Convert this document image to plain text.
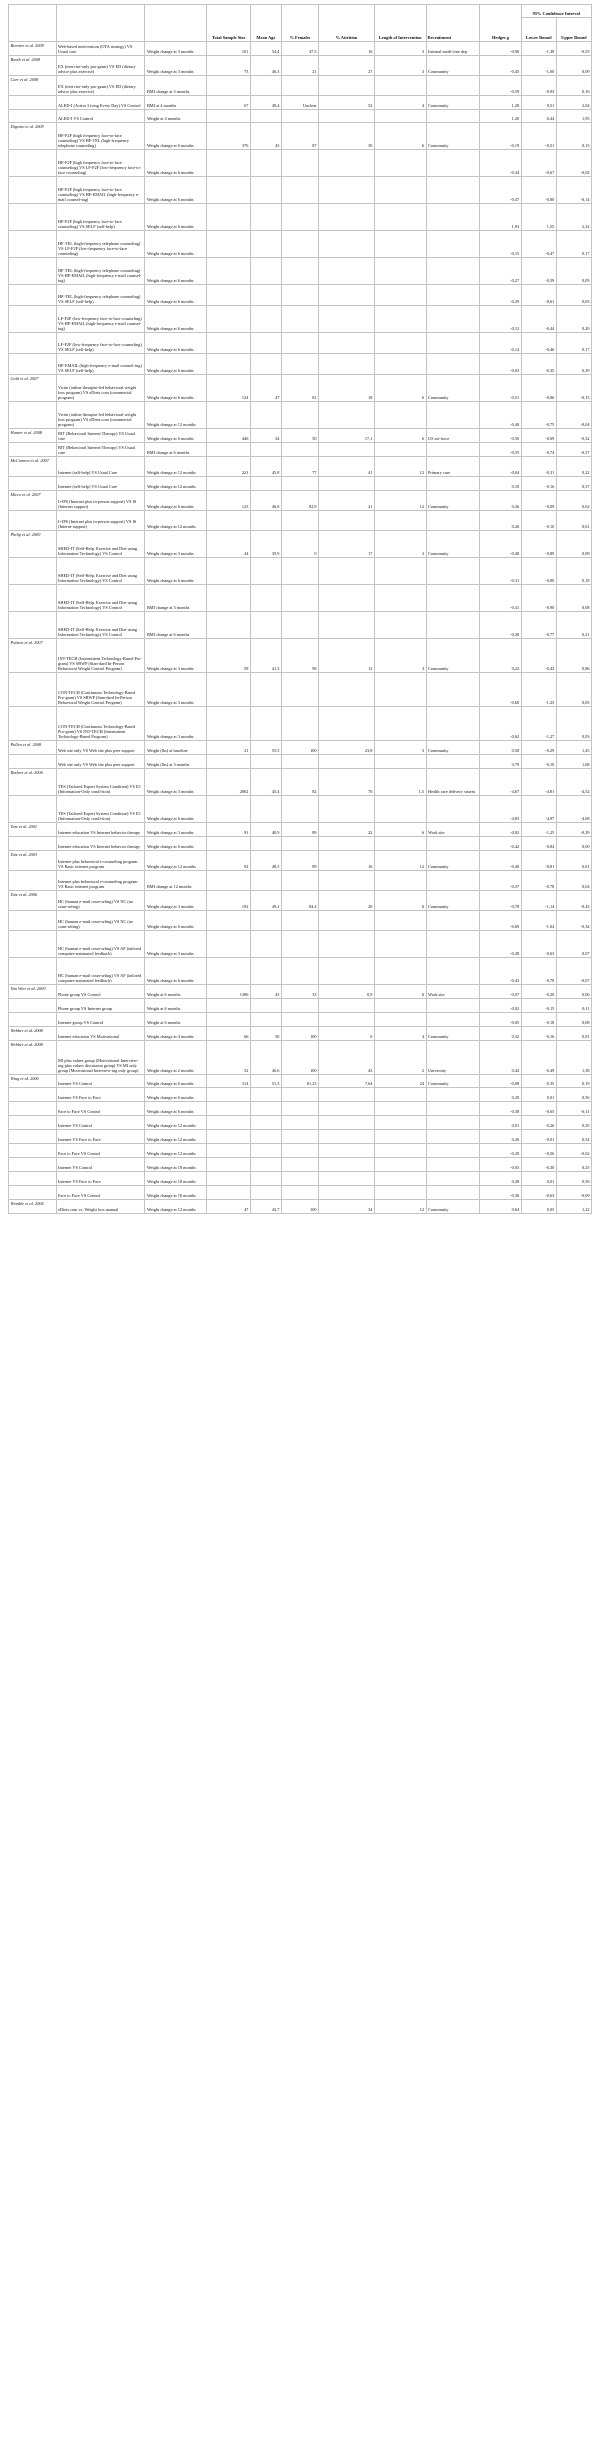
			Total Sample Size	Mean Age	% Females	% Attrition	Length of Intervention	Recruitment	Hedges g	95% Confidence Interval	
										Lower Bound	Upper Bound
Brenner et al. 2009	Web-based intervention (OTA strategy) VS Usual care	Weight change at 3 months	101	54,4	47,5	16	3	Internal medi-cine dep.	-0,96	-1,38	-0,55
Booth et al. 2008	EX (exercise-only pro-gram) VS ED (dietary advice plus exercise)	Weight change at 3 months	73	46,3	21	27	3	Community	-0,45	-1,00	0,09
Carr et al. 2008	EX (exercise-only pro-gram) VS ED (dietary advice plus exercise)	BMI change at 3 months							-0,59	-0,93	0,16
	ALED-I (Active Living Every Day) VS Control	BMI at 4 months	67	49,4	Unclear	52	4	Community	1,28	0,51	2,04
	ALED-I VS Control	Weight at 4 months							1,20	0,44	1,95
Digenio et al. 2009	HF-F2F (high frequency face-to-face counseling) VS HF-TEL (high-frequency telephone counseling)	Weight change at 6 months	376	43	87	30	6	Community	-0,19	-0,51	0,13
	HF-F2F (high frequency face-to-face counseling) VS LF-F2F (low-frequency face-to-face counseling)	Weight change at 6 months							-0,34	-0,67	-0,02
	HF-F2F (high frequency face-to-face counseling) VS HF-EMAIL (high-frequency e-mail counsel-ing)	Weight change at 6 months							-0,47	-0,80	-0,14
	HF-F2F (high frequency face-to-face counseling) VS SELF (self-help)	Weight change at 6 months							1,93	1,55	2,32
	HF-TEL (high-frequency telephone counseling) VS LF-F2F (low-frequency face-to-face counseling)	Weight change at 6 months							-0,15	-0,47	0,17
	HF-TEL (high-frequency telephone counseling) VS HF-EMAIL (high-frequency e-mail counsel-ing)	Weight change at 6 months							-0,27	-0,59	0,05
	HF-TEL (high-frequency telephone counseling) VS SELF (self-help)	Weight change at 6 months							-0,29	-0,61	0,03
	LF-F2F (low-frequency face-to-face counseling) VS HF-EMAIL (high-frequency e-mail counsel-ing)	Weight change at 6 months							-0,12	-0,44	0,20
	LF-F2F (low-frequency face-to-face counseling) VS SELF (self-help)	Weight change at 6 months							-0,14	-0,46	0,17
	HF-EMAIL (high-frequency e-mail counsel-ing) VS SELF (self-help)	Weight change at 6 months							-0,03	-0,35	0,29
Gold et al. 2007	Vtrim (online therapist-led behavioral weight loss program) VS eDiets.com (commercial program)	Weight change at 6 months	124	47	81	18	6	Community	-0,51	-0,86	-0,15
	Vtrim (online therapist-led behavioral weight loss program) VS eDiets.com (commercial program)	Weight change at 12 months							-0,40	-0,75	-0,04
Hunter et al. 2008	BIT (Behavioral Internet Therapy) VS Usual care	Weight change at 6 months	446	34	50	17,1	6	US air-force	-0,56	-0,69	-0,32
	BIT (Behavioral Internet Therapy) VS Usual care	BMI change at 6 months							-0,55	-0,74	-0,37
McConnon et al. 2007	Internet (self-help) VS Usual Care	Weight change at 12 months	221	45,8	77	41	12	Primary care	-0,04	-0,31	0,22
	Internet (self-help) VS Usual Care	Weight change at 12 months							0,10	-0,16	0,37
Micco et al. 2007	I+IPS (Internet plus in-person support) VS IS (Internet support)	Weight change at 6 months	123	46,8	82,9	21	12	Community	0,26	-0,09	0,62
	I+IPS (Internet plus in-person support) VS IS (Interne support)	Weight change at 12 months							0,26	-0,10	0,61
Philip et al. 2009	SHED-IT (Self-Help, Exercise and Diet using Information Technology) VS Control	Weight change at 3 months	44	35,9	0	17	3	Community	-0,40	-0,89	0,09
	SHED-IT (Self-Help, Exercise and Diet using Information Technology) VS Control	Weight change at 6 months							-0,31	-0,80	0,18
	SHED-IT (Self-Help, Exercise and Diet using Information Technology) VS Control	BMI change at 3 months							-0,41	-0,90	0,08
	SHED-IT (Self-Help, Exercise and Diet using Information Technology) VS Control	BMI change at 6 months							-0,28	-0,77	0,21
Polzien et al. 2007	INT-TECH (Intermittent Technology-Based Pro-gram) VS SBWP (Stan-dard In-Person Behavioral Weight Control Program)	Weight change at 3 months	58	41,3	98	12	3	Community	0,22	-0,42	0,86
	CON-TECH (Continuous Technology-Based Pro-gram) VS SBWP (Stan-dard In-Person Behavioral Weight Control Program)	Weight change at 3 months							-0,60	-1,25	0,05
	CON-TECH (Continuous Technology-Based Pro-gram) VS INT-TECH (Intermittent Technology-Based Program)	Weight change at 3 months							-0,62	-1,27	0,03
Pullen et al. 2008	Web site only VS Web site plus peer support	Weight (lbs) at baseline	21	55,5	100	23,8	3	Community	0,58	-0,29	1,45
	Web site only VS Web site plus peer support	Weight (lbs) at 3 months							0,79	-0,10	1,68
Rothert et al. 2006	TES (Tailored Expert System Condition) VS IO (Information-Only condi-tion)	Weight change at 3 months	2862	45,4	82	70	1,5	Health care delivery sistem	-4,67	-4,81	-4,52
	TES (Tailored Expert System Condition) VS IO (Information-Only condi-tion)	Weight change at 6 months							-4,83	-4,97	-4,68
Tate et al. 2001	Internet education VS Internet behavior therapy	Weight change at 3 months	91	40,9	89	22	6	Work site	-0,82	-1,25	-0,39
	Internet education VS Internet behavior therapy	Weight change at 6 months							-0,42	-0,84	0,00
Tate et al. 2003	Internet plus behavioral e-counseling program VS Basic internet program	Weight change at 12 months	92	48,5	89	16	12	Community	-0,40	-0,81	0,01
	Internet plus behavioral e-counseling program VS Basic internet program	BMI change at 12 months							-0,37	-0,78	0,04
Tate et al. 2006	HC (human e-mail coun-seling) VS NC (no coun-seling)	Weight change at 3 months	192	49,2	84,4	20	6	Community	-0,78	-1,14	-0,43
	HC (human e-mail coun-seling) VS NC (no coun-seling)	Weight change at 6 months							-0,69	-1,04	-0,34
	HC (human e-mail coun-seling) VS AF (tailored computer-automated feedback)	Weight change at 3 months							-0,28	-0,63	0,07
	HC (human e-mail coun-seling) VS AF (tailored computer-automated feedback)	Weight change at 6 months							-0,43	-0,78	-0,07
Van Wier et al. 2009	Phone group VS Control	Weight at 6 months	1386	43	33	0,9	6	Work site	-0,07	-0,20	0,06
	Phone group VS Internet group	Weight at 6 months							-0,02	-0,15	0,11
	Internet group VS Control	Weight at 6 months							-0,05	-0,18	0,08
Webber et al. 2008	Internet education VS Motivational	Weight change at 4 months	66	50	100	0	4	Community	0,32	-0,16	0,81
Webber et al. 2008	MI plus values group (Motivational Interview-ing plus values discussion group) VS MI only group (Motivational Interview-ing only group)	Weight change at 2 months	32	40,6	100	43	2	University	0,44	-0,49	1,38
Wing et al. 2006	Internet VS Control	Weight change at 6 months	314	51,3	81,23	7,64	24	Community	-0,08	-0,35	0,19
	Internet VS Face to Face	Weight change at 6 months							0,29	0,01	0,56
	Face to Face VS Control	Weight change at 6 months							-0,38	-0,65	-0,11
	Internet VS Control	Weight change at 12 months							0,01	-0,26	0,29
	Internet VS Face to Face	Weight change at 12 months							0,26	-0,01	0,54
	Face to Face VS Control	Weight change at 12 months							-0,29	-0,56	-0,02
	Internet VS Control	Weight change at 18 months							-0,03	-0,30	0,25
	Internet VS Face to Face	Weight change at 18 months							0,28	0,01	0,56
	Face to Face VS Control	Weight change at 18 months							-0,36	-0,63	-0,09
Womble et al. 2004	eDiets.com vs. Weight loss manual	Weight change at 12 months	47	43,7	100	34	12	Community	0,64	0,05	1,22
